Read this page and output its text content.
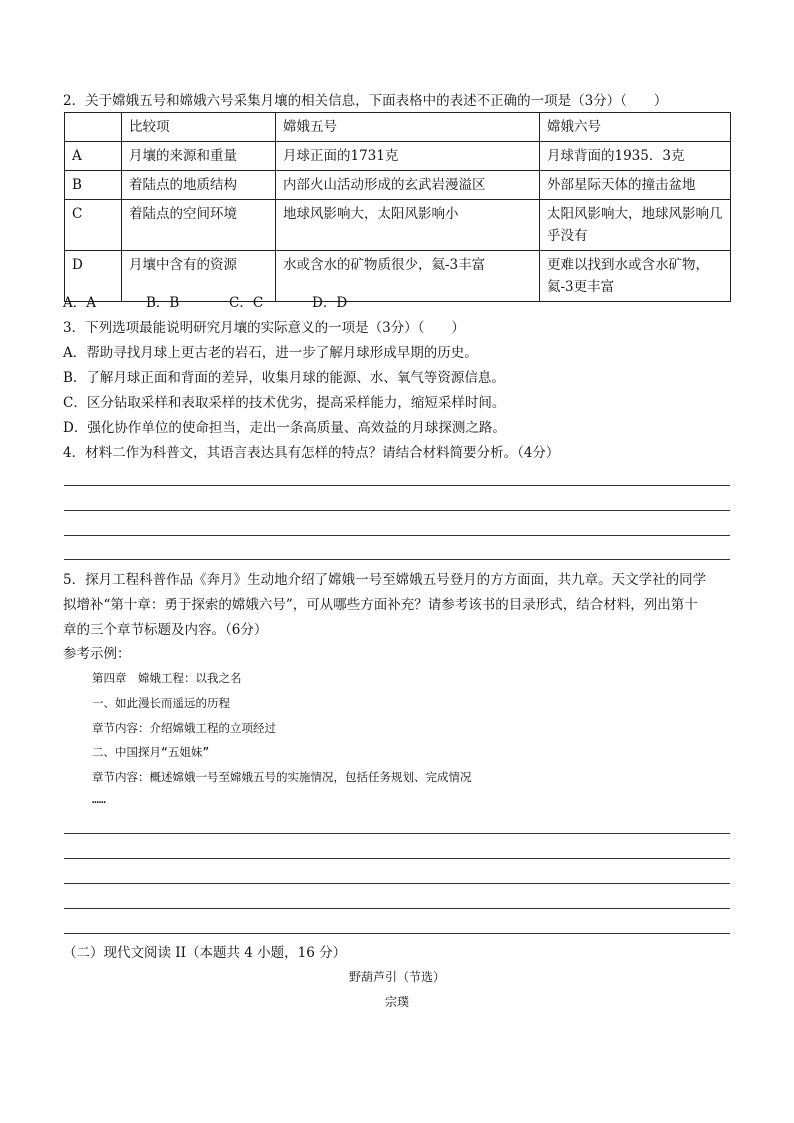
2．关于嫦娥五号和嫦娥六号采集月壤的相关信息，下面表格中的表述不正确的一项是（3分）（　　）
	比较项	嫦娥五号	嫦娥六号
A	月壤的来源和重量	月球正面的1731克	月球背面的1935．3克
B	着陆点的地质结构	内部火山活动形成的玄武岩漫溢区	外部星际天体的撞击盆地
C	着陆点的空间环境	地球风影响大，太阳风影响小	太阳风影响大，地球风影响几乎没有
D	月壤中含有的资源	水或含水的矿物质很少，氦-3丰富	更难以找到水或含水矿物，氦-3更丰富
A．A	B．B	C．C	D．D
3．下列选项最能说明研究月壤的实际意义的一项是（3分）（　　）
A．帮助寻找月球上更古老的岩石，进一步了解月球形成早期的历史。
B．了解月球正面和背面的差异，收集月球的能源、水、氧气等资源信息。
C．区分钻取采样和表取采样的技术优劣，提高采样能力，缩短采样时间。
D．强化协作单位的使命担当，走出一条高质量、高效益的月球探测之路。
4．材料二作为科普文，其语言表达具有怎样的特点？请结合材料简要分析。（4分）
5．探月工程科普作品《奔月》生动地介绍了嫦娥一号至嫦娥五号登月的方方面面，共九章。天文学社的同学
拟增补“第十章：勇于探索的嫦娥六号”，可从哪些方面补充？请参考该书的目录形式，结合材料，列出第十
章的三个章节标题及内容。（6分）
参考示例：
第四章　嫦娥工程：以我之名
一、如此漫长而遥远的历程
章节内容：介绍嫦娥工程的立项经过
二、中国探月“五姐妹”
章节内容：概述嫦娥一号至嫦娥五号的实施情况，包括任务规划、完成情况
……
（二）现代文阅读 II（本题共 4 小题，16 分）
野葫芦引（节选）
宗璞
